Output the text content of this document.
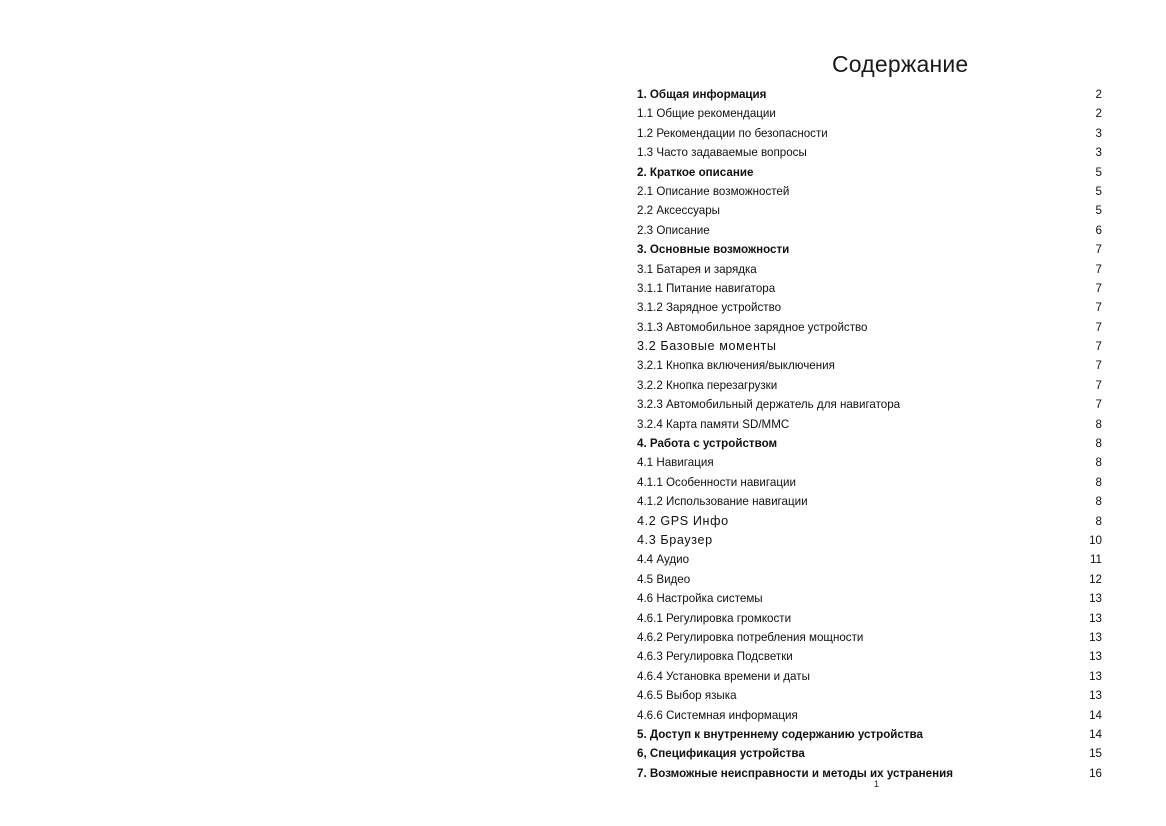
Содержание
1. Общая информация	2
1.1 Общие рекомендации	2
1.2 Рекомендации по безопасности	3
1.3 Часто задаваемые вопросы	3
2. Краткое описание	5
2.1 Описание возможностей	5
2.2 Аксессуары	5
2.3 Описание	6
3. Основные возможности	7
3.1 Батарея и зарядка	7
3.1.1 Питание навигатора	7
3.1.2 Зарядное устройство	7
3.1.3 Автомобильное зарядное устройство	7
3.2 Базовые моменты	7
3.2.1 Кнопка включения/выключения	7
3.2.2 Кнопка перезагрузки	7
3.2.3 Автомобильный держатель для навигатора	7
3.2.4 Карта памяти SD/MMC	8
4. Работа с устройством	8
4.1 Навигация	8
4.1.1 Особенности навигации	8
4.1.2 Использование навигации	8
4.2 GPS Инфо	8
4.3 Браузер	10
4.4 Аудио	11
4.5 Видео	12
4.6 Настройка системы	13
4.6.1 Регулировка громкости	13
4.6.2 Регулировка потребления мощности	13
4.6.3 Регулировка Подсветки	13
4.6.4 Установка времени и даты	13
4.6.5 Выбор языка	13
4.6.6 Системная информация	14
5. Доступ к внутреннему содержанию устройства	14
6, Спецификация устройства	15
7. Возможные неисправности и методы их устранения	16
1
